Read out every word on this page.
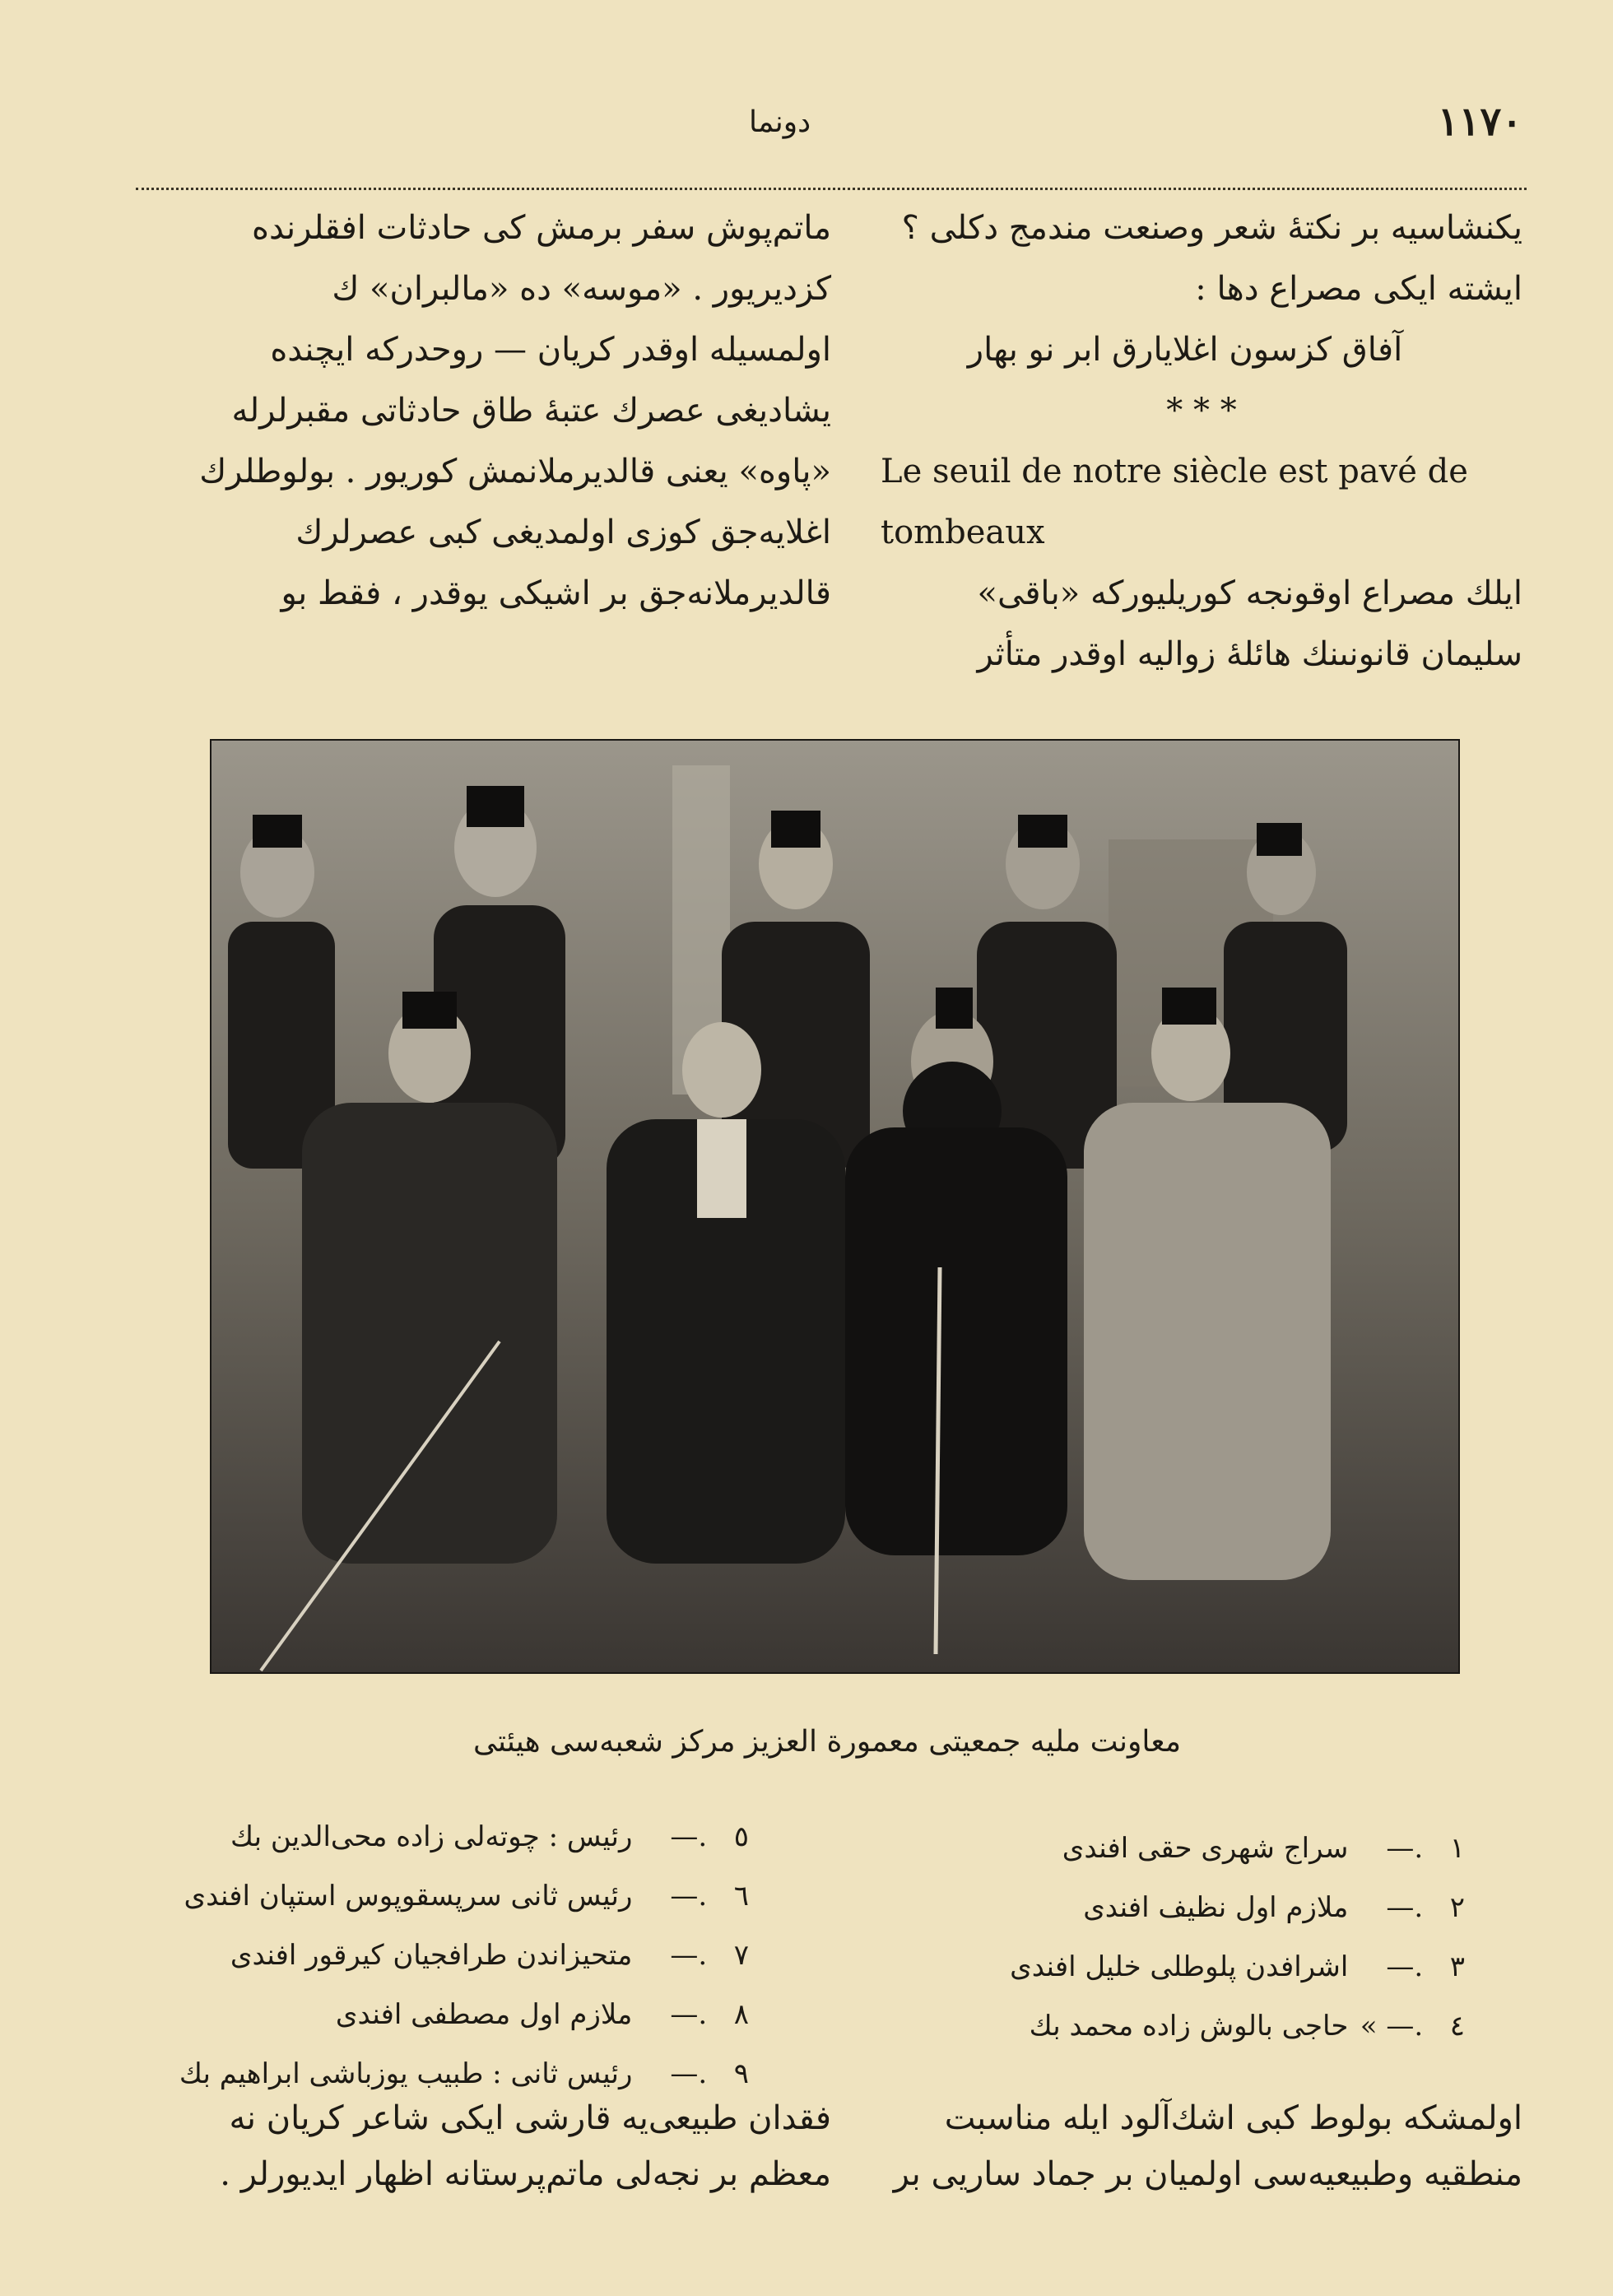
دونما	١١٧٠

يكنشاسيه بر نكتهٔ شعر وصنعت مندمج دكلى ؟

ايشته ايكى مصراع دها :

آفاق كزسون اغلايارق ابر نو بهار

* * *

Le seuil de notre siècle est pavé de tombeaux

ايلك مصراع اوقونجه كوريليوركه «باقى»

سليمان قانونىنك هائلهٔ زواليه اوقدر متأثر

ماتم‌پوش سفر برمش كى حادثات افقلرنده

كزديريور . «موسه» ده «مالبران» ك

اولمسيله اوقدر كريان — روحدركه ايچنده

يشاديغى عصرك عتبهٔ طاق حادثاتى مقبرلرله

«پاوه» يعنى قالديرملانمش كوريور . بولوطلرك

اغلايه‌جق كوزى اولمديغى كبى عصرلرك

قالديرملانه‌جق بر اشيكى يوقدر ، فقط بو

معاونت مليه جمعيتى معمورة العزيز مركز شعبه‌سى هيئتى
١ .— سراج شهرى حقى افندى
٢ .— ملازم اول نظيف افندى
٣ .— اشرافدن پلوطلى خليل افندى
٤ .— » حاجى بالوش زاده محمد بك
٥ .— رئيس : چوته‌لى زاده محى‌الدين بك
٦ .— رئيس ثانى سرپسقوپوس استپان افندى
٧ .— متحيزاندن طرافجيان كيرقور افندى
٨ .— ملازم اول مصطفى افندى
٩ .— رئيس ثانى : طبيب يوزباشى ابراهيم بك

اولمشكه بولوط كبى اشك‌آلود ايله مناسبت

منطقيه وطبيعيه‌سى اولميان بر جماد ساريى بر

فقدان طبيعى‌يه قارشى ايكى شاعر كريان نه

معظم بر نجه‌لى ماتم‌پرستانه اظهار ايديورلر .
